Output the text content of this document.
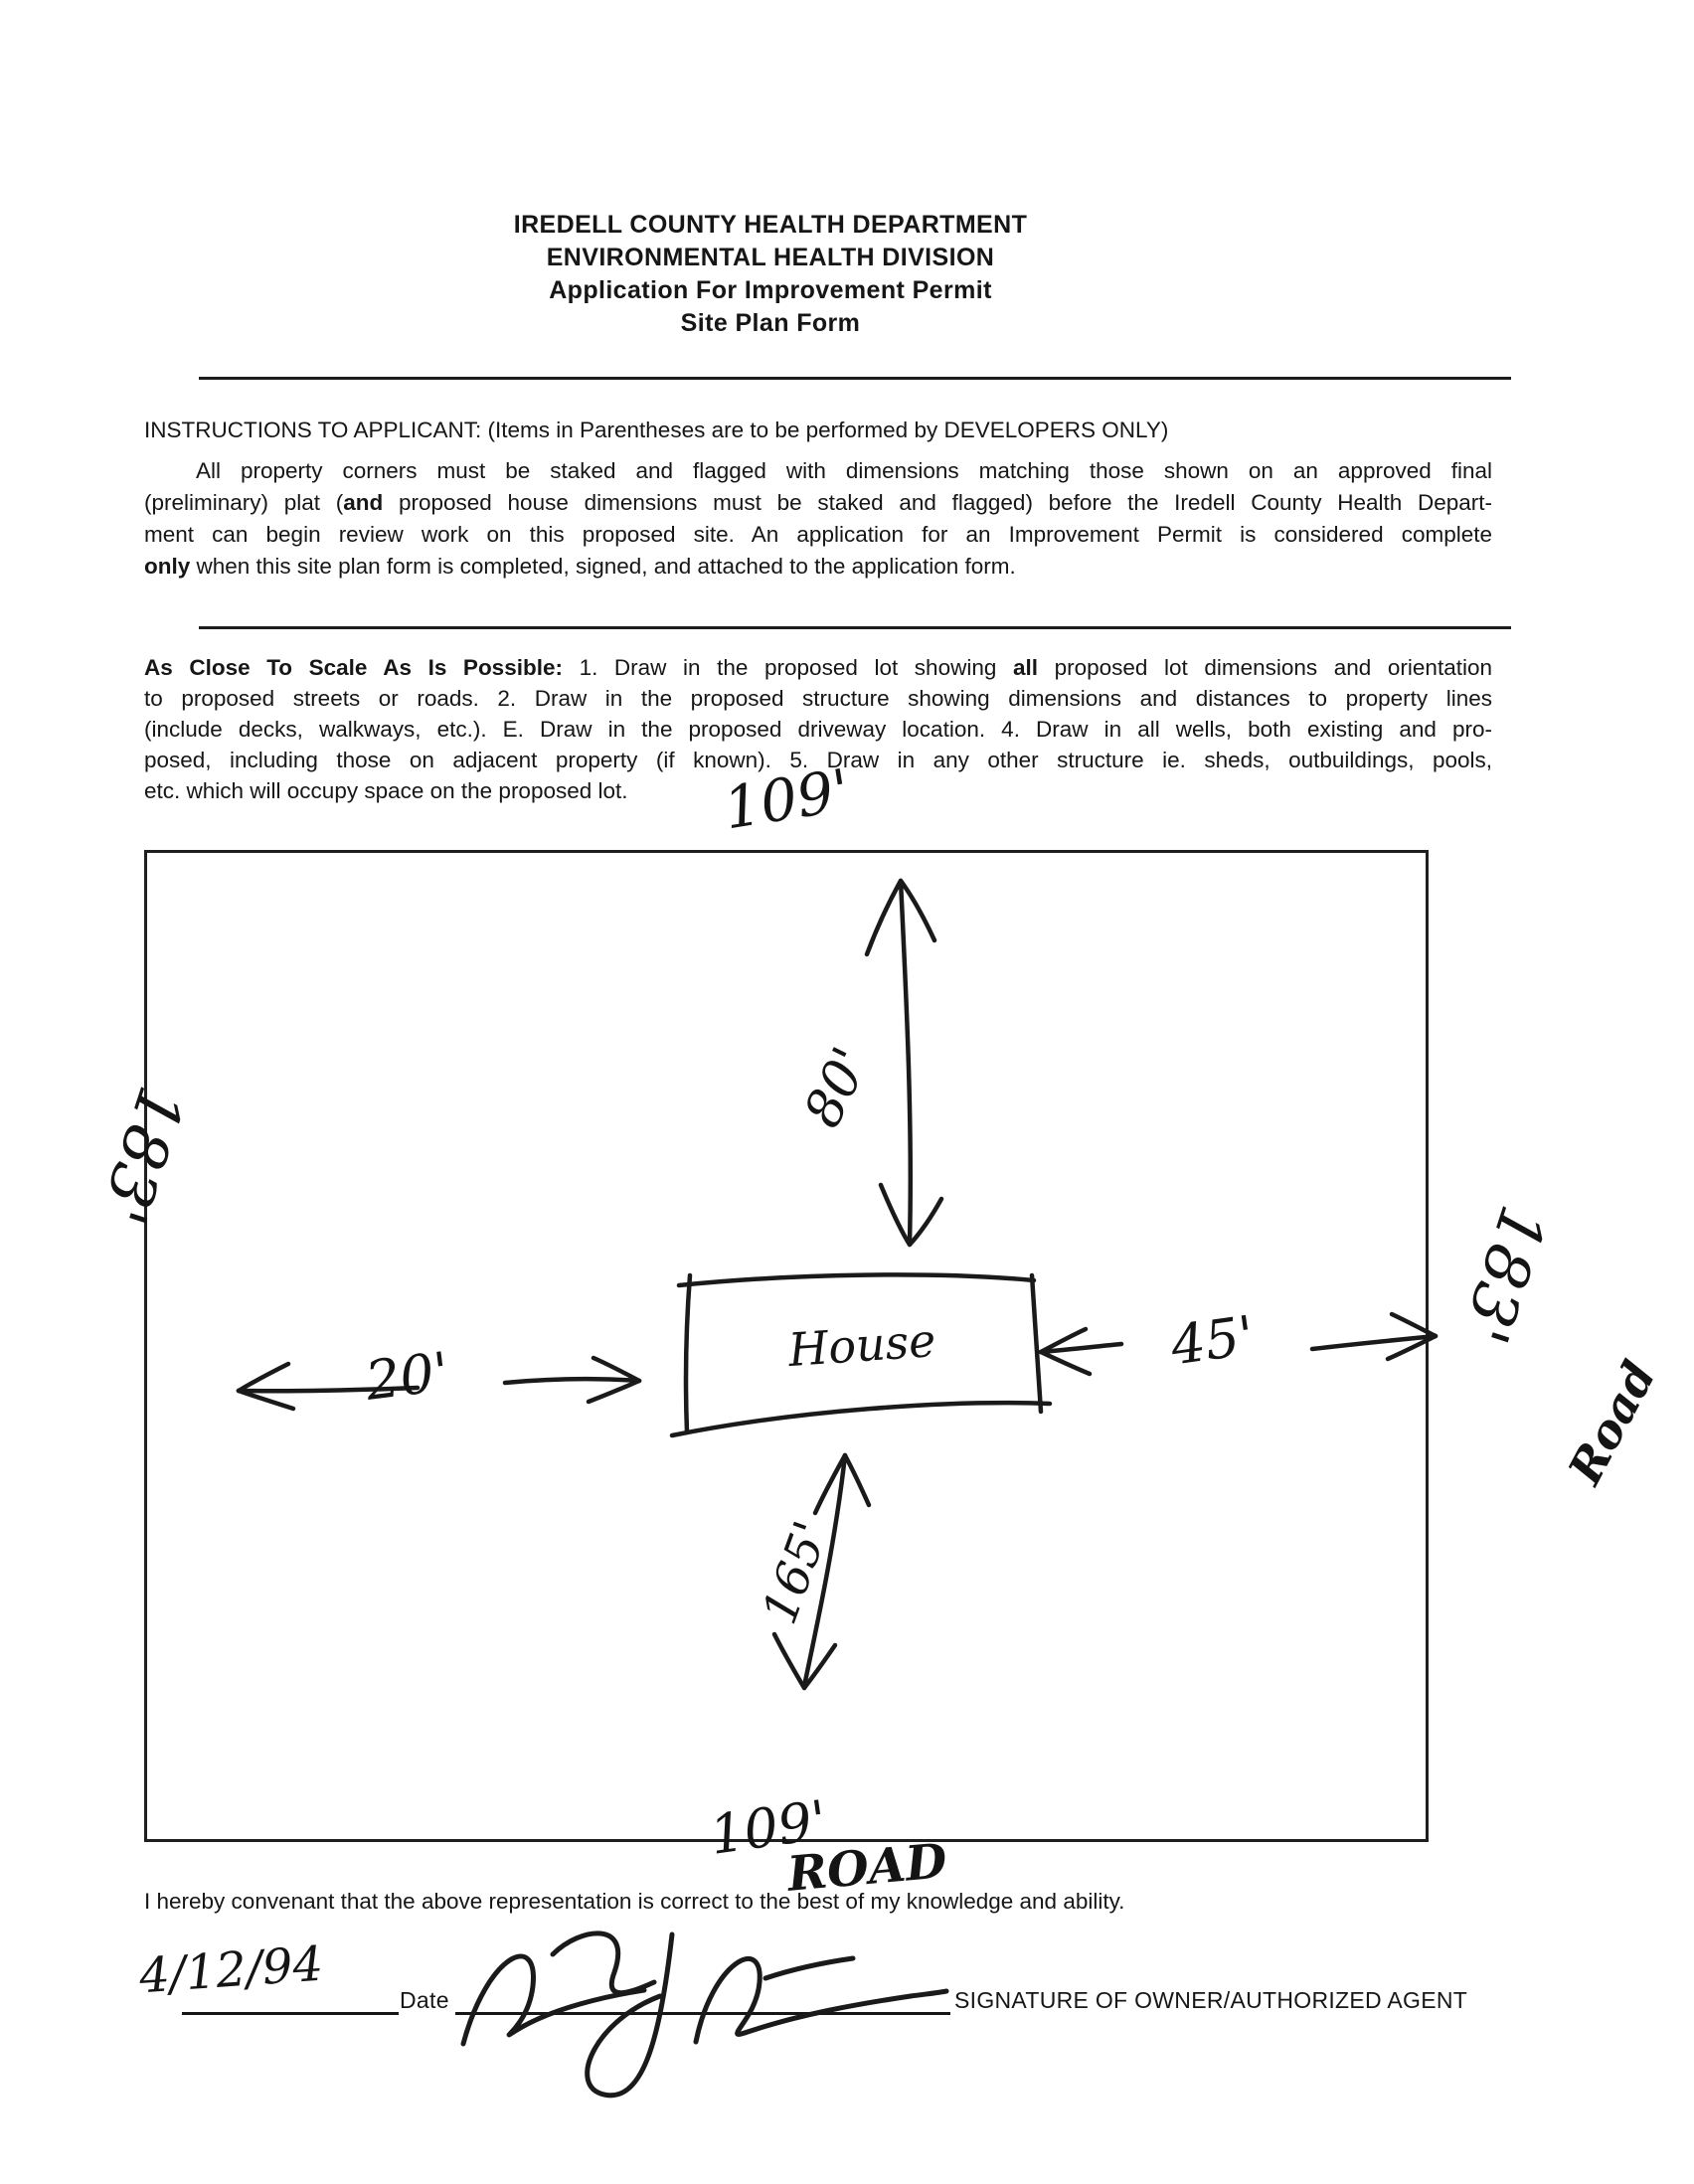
IREDELL COUNTY HEALTH DEPARTMENT
ENVIRONMENTAL HEALTH DIVISION
Application For Improvement Permit
Site Plan Form
INSTRUCTIONS TO APPLICANT: (Items in Parentheses are to be performed by DEVELOPERS ONLY)
All property corners must be staked and flagged with dimensions matching those shown on an approved final
(preliminary) plat (and proposed house dimensions must be staked and flagged) before the Iredell County Health Depart-
ment can begin review work on this proposed site. An application for an Improvement Permit is considered complete
only when this site plan form is completed, signed, and attached to the application form.
As Close To Scale As Is Possible: 1. Draw in the proposed lot showing all proposed lot dimensions and orientation
to proposed streets or roads. 2. Draw in the proposed structure showing dimensions and distances to property lines
(include decks, walkways, etc.). E. Draw in the proposed driveway location. 4. Draw in all wells, both existing and pro-
posed, including those on adjacent property (if known). 5. Draw in any other structure ie. sheds, outbuildings, pools,
etc. which will occupy space on the proposed lot.	109'
80'
House
20'	45'
165'
109'
ROAD
183'
183'
Road
I hereby convenant that the above representation is correct to the best of my knowledge and ability.
4/12/94	Date	SIGNATURE OF OWNER/AUTHORIZED AGENT
